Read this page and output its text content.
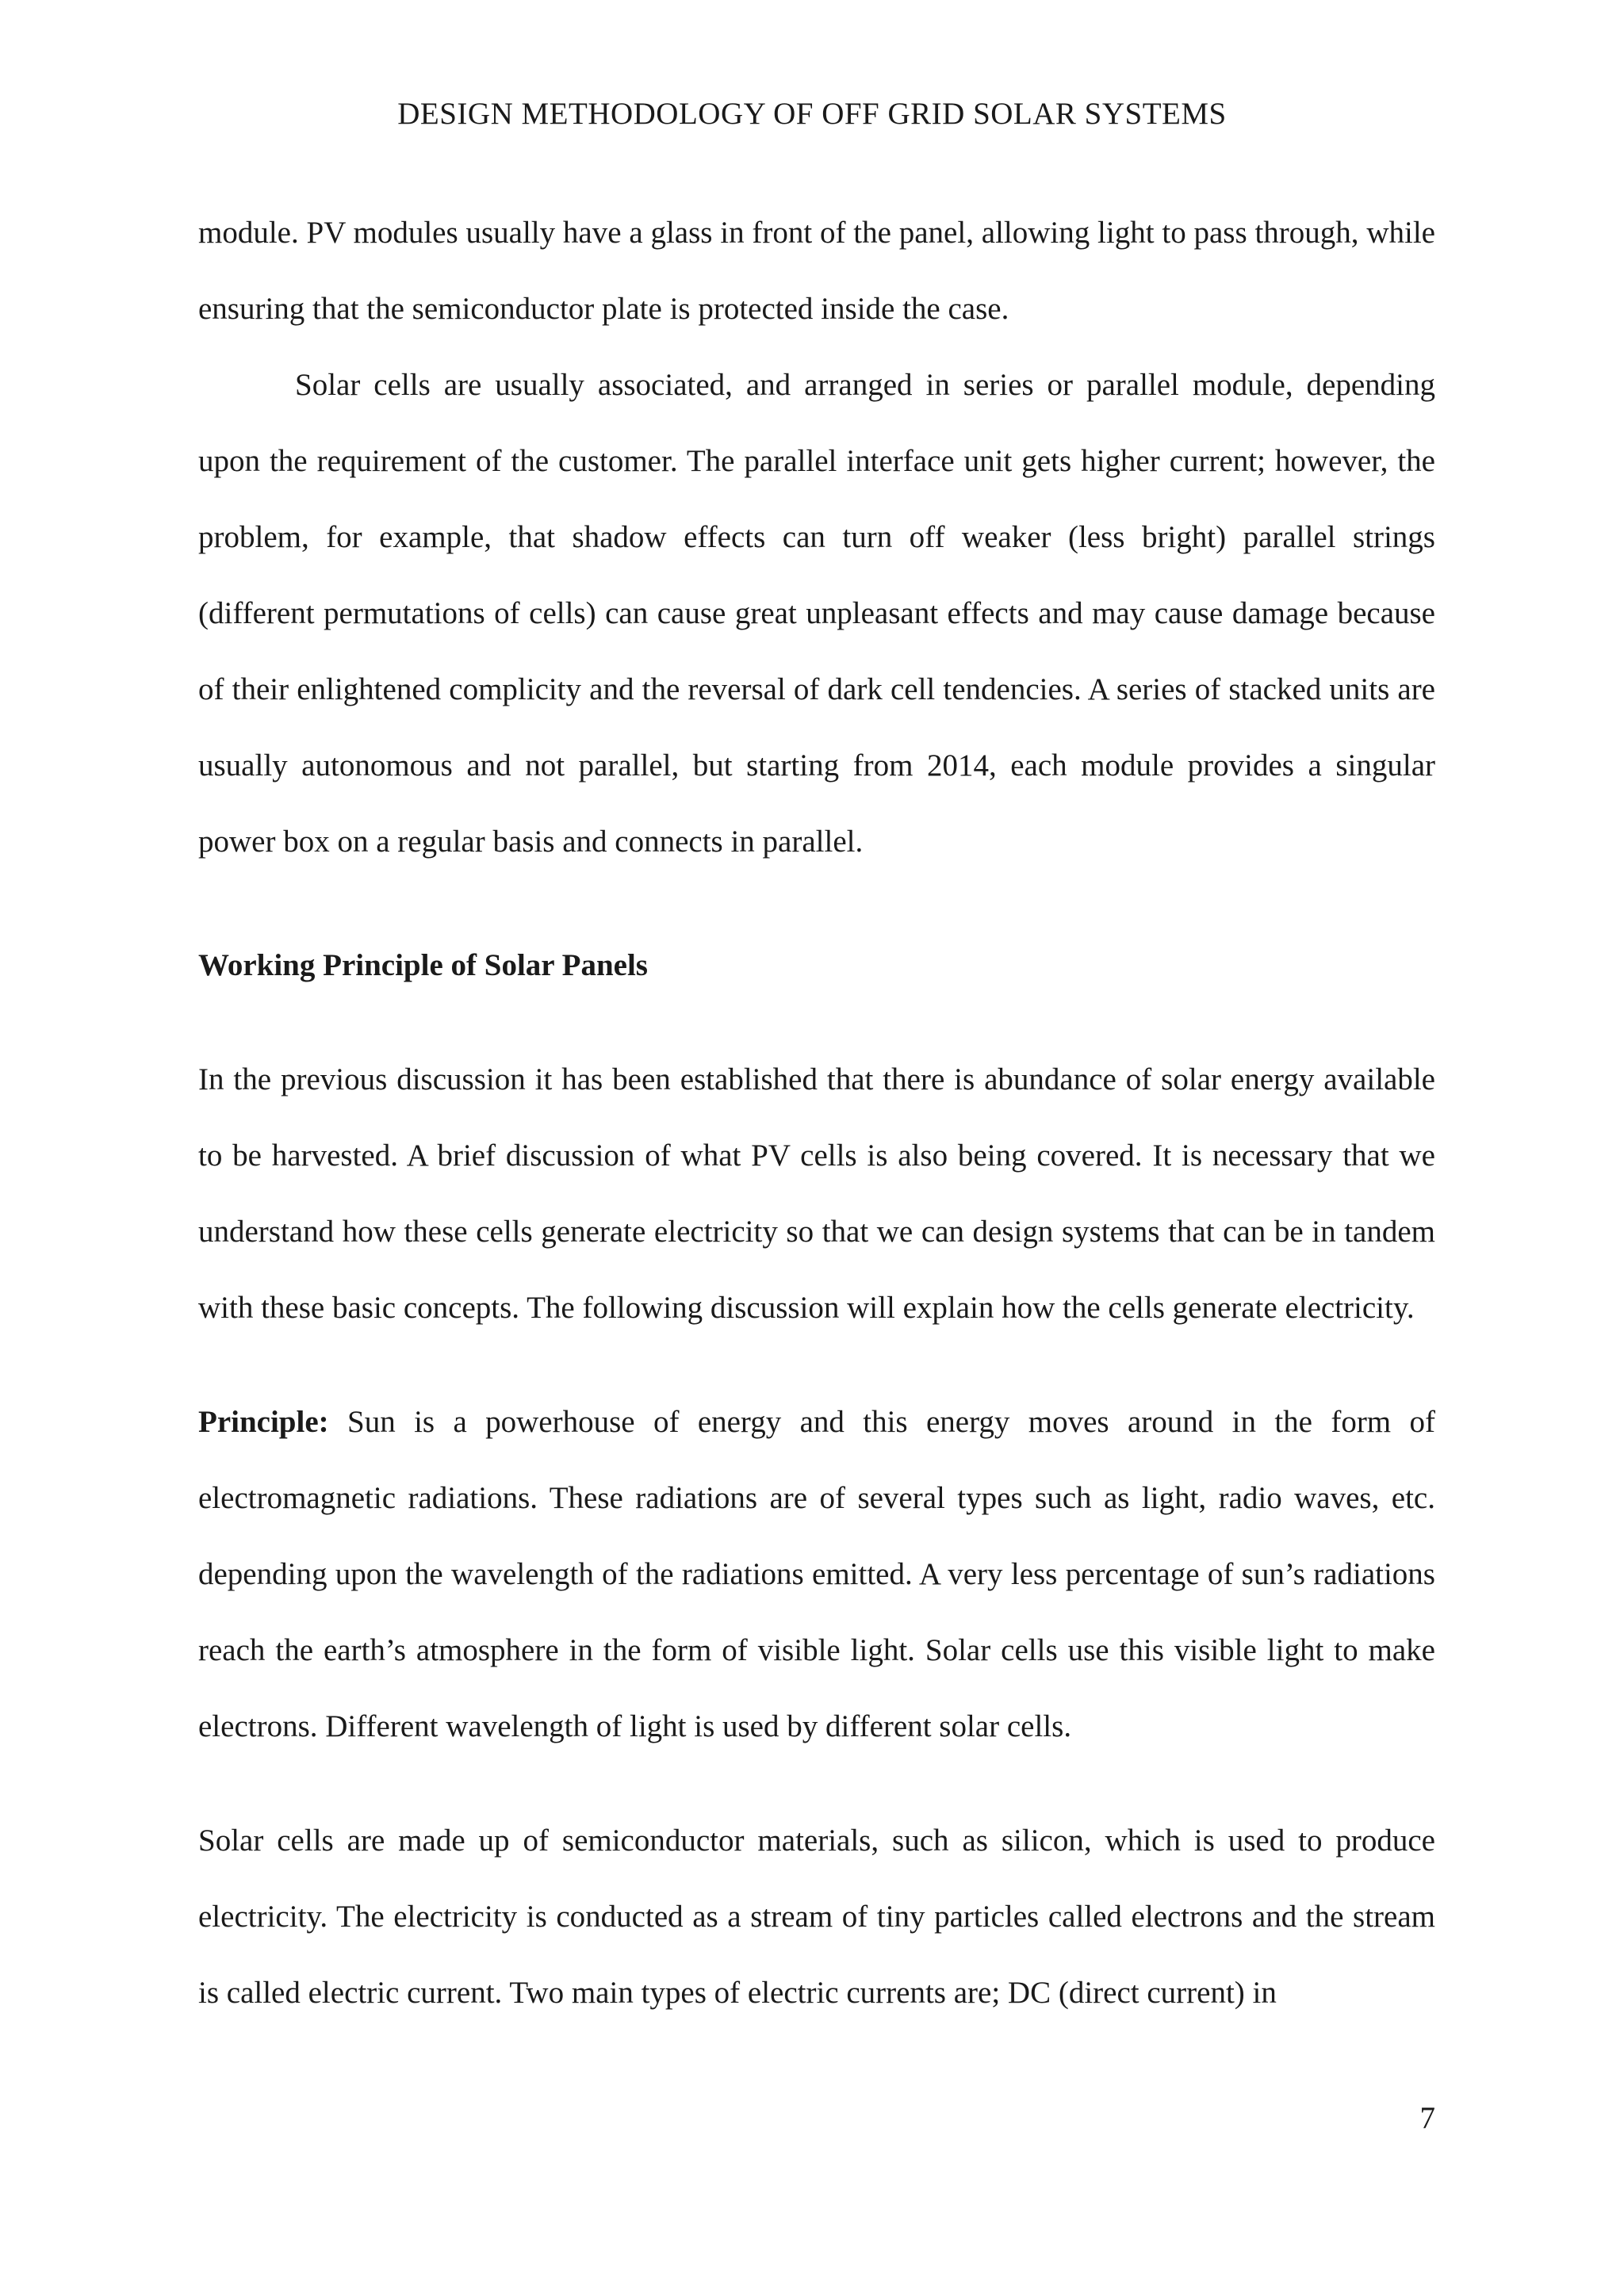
DESIGN METHODOLOGY OF OFF GRID SOLAR SYSTEMS

module. PV modules usually have a glass in front of the panel, allowing light to pass through, while ensuring that the semiconductor plate is protected inside the case.

Solar cells are usually associated, and arranged in series or parallel module, depending upon the requirement of the customer. The parallel interface unit gets higher current; however, the problem, for example, that shadow effects can turn off weaker (less bright) parallel strings (different permutations of cells) can cause great unpleasant effects and may cause damage because of their enlightened complicity and the reversal of dark cell tendencies. A series of stacked units are usually autonomous and not parallel, but starting from 2014, each module provides a singular power box on a regular basis and connects in parallel.

Working Principle of Solar Panels

In the previous discussion it has been established that there is abundance of solar energy available to be harvested. A brief discussion of what PV cells is also being covered. It is necessary that we understand how these cells generate electricity so that we can design systems that can be in tandem with these basic concepts. The following discussion will explain how the cells generate electricity.

Principle: Sun is a powerhouse of energy and this energy moves around in the form of electromagnetic radiations. These radiations are of several types such as light, radio waves, etc. depending upon the wavelength of the radiations emitted. A very less percentage of sun’s radiations reach the earth’s atmosphere in the form of visible light. Solar cells use this visible light to make electrons. Different wavelength of light is used by different solar cells.

Solar cells are made up of semiconductor materials, such as silicon, which is used to produce electricity. The electricity is conducted as a stream of tiny particles called electrons and the stream is called electric current. Two main types of electric currents are; DC (direct current) in

7
